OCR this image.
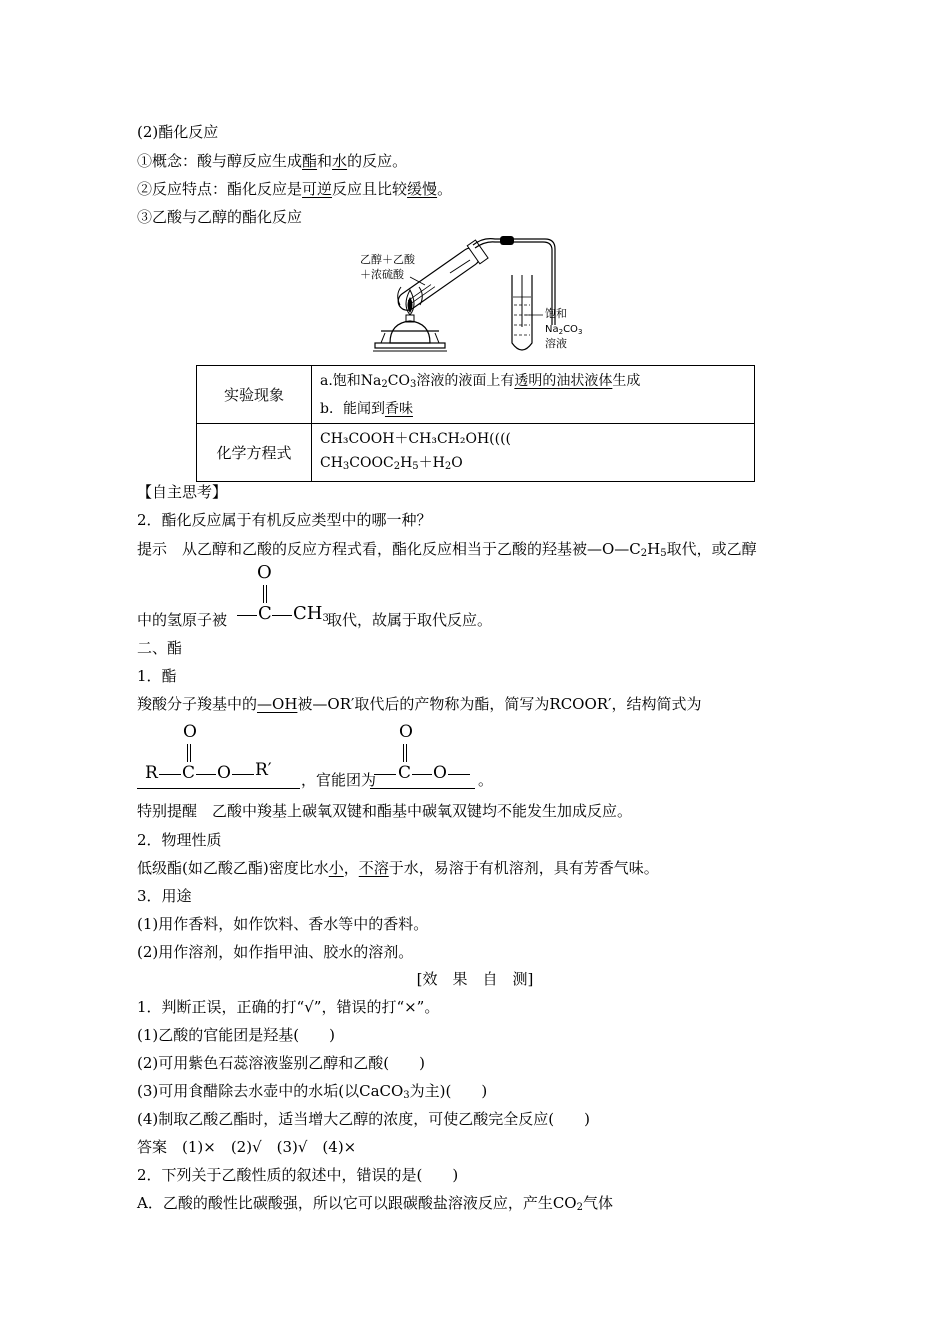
(2)酯化反应
①概念：酸与醇反应生成酯和水的反应。
②反应特点：酯化反应是可逆反应且比较缓慢。
③乙酸与乙醇的酯化反应
乙醇＋乙酸
＋浓硫酸
饱和
$Na_2CO_3$
溶液
实验现象	a.饱和$Na_2CO_3$溶液的液面上有透明的油状液体生成
b．能闻到香味

化学方程式	CH₃COOH＋CH₃CH₂OH((((
$CH_3COOC_2H_5+H_2O$
【自主思考】
2．酯化反应属于有机反应类型中的哪一种？
提示　从乙醇和乙酸的反应方程式看，酯化反应相当于乙酸的羟基被$—O—C_2H_5$取代，或乙醇
中的氢原子被	取代，故属于取代反应。
O
C $CH_3$
二、酯
1．酯
羧酸分子羧基中的—OH被—OR′取代后的产物称为酯，简写为RCOOR′，结构简式为
O
R C O R′ ，官能团为
O
C O 。
特别提醒　乙酸中羧基上碳氧双键和酯基中碳氧双键均不能发生加成反应。
2．物理性质
低级酯(如乙酸乙酯)密度比水小，不溶于水，易溶于有机溶剂，具有芳香气味。
3．用途
(1)用作香料，如作饮料、香水等中的香料。
(2)用作溶剂，如作指甲油、胶水的溶剂。
[效　果　自　测]
1．判断正误，正确的打“√”，错误的打“×”。
(1)乙酸的官能团是羟基(　　)
(2)可用紫色石蕊溶液鉴别乙醇和乙酸(　　)
(3)可用食醋除去水壶中的水垢(以CaCO$_3$为主)(　　)
(4)制取乙酸乙酯时，适当增大乙醇的浓度，可使乙酸完全反应(　　)
答案　(1)×　(2)√　(3)√　(4)×
2．下列关于乙酸性质的叙述中，错误的是(　　)
A．乙酸的酸性比碳酸强，所以它可以跟碳酸盐溶液反应，产生$CO_2$气体
